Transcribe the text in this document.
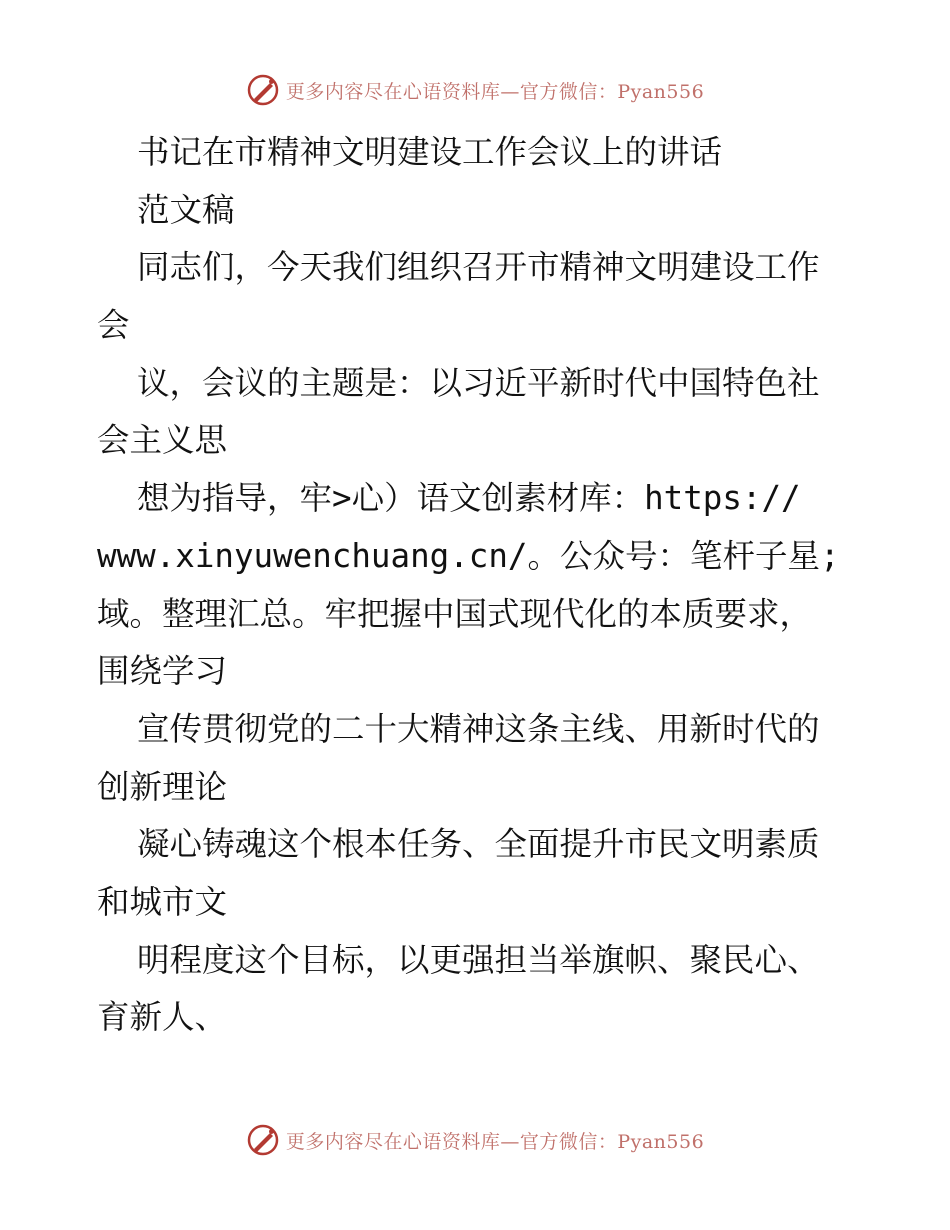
更多内容尽在心语资料库—官方微信：Pyan556
书记在市精神文明建设工作会议上的讲话
范文稿
同志们，今天我们组织召开市精神文明建设工作
会
议，会议的主题是：以习近平新时代中国特色社
会主义思
想为指导，牢>心）语文创素材库：https://
www.xinyuwenchuang.cn/。公众号：笔杆子星;
域。整理汇总。牢把握中国式现代化的本质要求，
围绕学习
宣传贯彻党的二十大精神这条主线、用新时代的
创新理论
凝心铸魂这个根本任务、全面提升市民文明素质
和城市文
明程度这个目标，以更强担当举旗帜、聚民心、
育新人、
更多内容尽在心语资料库—官方微信：Pyan556
